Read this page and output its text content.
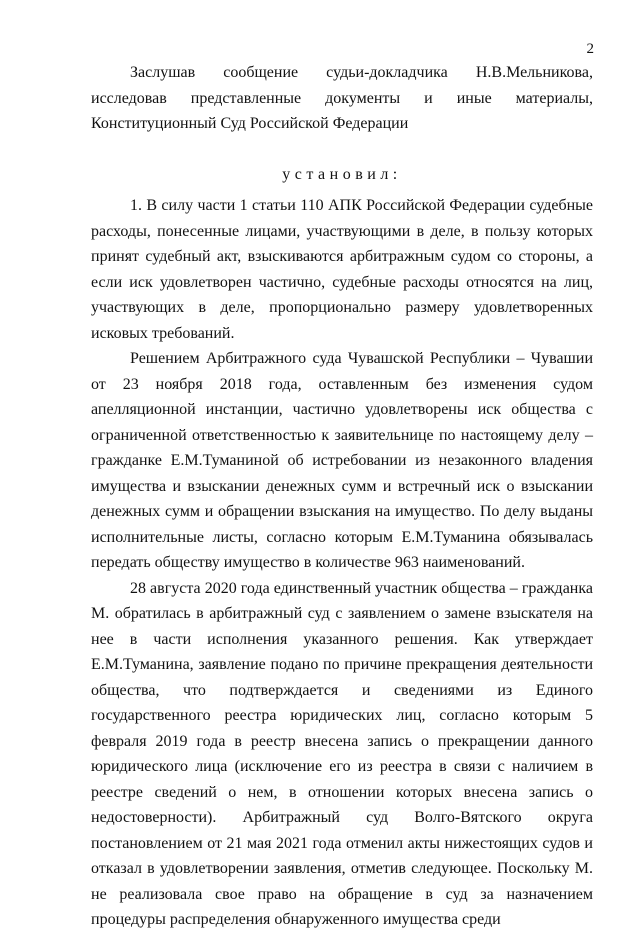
2

Заслушав сообщение судьи-докладчика Н.В.Мельникова, исследовав представленные документы и иные материалы, Конституционный Суд Российской Федерации

установил:

1. В силу части 1 статьи 110 АПК Российской Федерации судебные расходы, понесенные лицами, участвующими в деле, в пользу которых принят судебный акт, взыскиваются арбитражным судом со стороны, а если иск удовлетворен частично, судебные расходы относятся на лиц, участвующих в деле, пропорционально размеру удовлетворенных исковых требований.

Решением Арбитражного суда Чувашской Республики – Чувашии от 23 ноября 2018 года, оставленным без изменения судом апелляционной инстанции, частично удовлетворены иск общества с ограниченной ответственностью к заявительнице по настоящему делу – гражданке Е.М.Туманиной об истребовании из незаконного владения имущества и взыскании денежных сумм и встречный иск о взыскании денежных сумм и обращении взыскания на имущество. По делу выданы исполнительные листы, согласно которым Е.М.Туманина обязывалась передать обществу имущество в количестве 963 наименований.

28 августа 2020 года единственный участник общества – гражданка М. обратилась в арбитражный суд с заявлением о замене взыскателя на нее в части исполнения указанного решения. Как утверждает Е.М.Туманина, заявление подано по причине прекращения деятельности общества, что подтверждается и сведениями из Единого государственного реестра юридических лиц, согласно которым 5 февраля 2019 года в реестр внесена запись о прекращении данного юридического лица (исключение его из реестра в связи с наличием в реестре сведений о нем, в отношении которых внесена запись о недостоверности). Арбитражный суд Волго-Вятского округа постановлением от 21 мая 2021 года отменил акты нижестоящих судов и отказал в удовлетворении заявления, отметив следующее. Поскольку М. не реализовала свое право на обращение в суд за назначением процедуры распределения обнаруженного имущества среди
